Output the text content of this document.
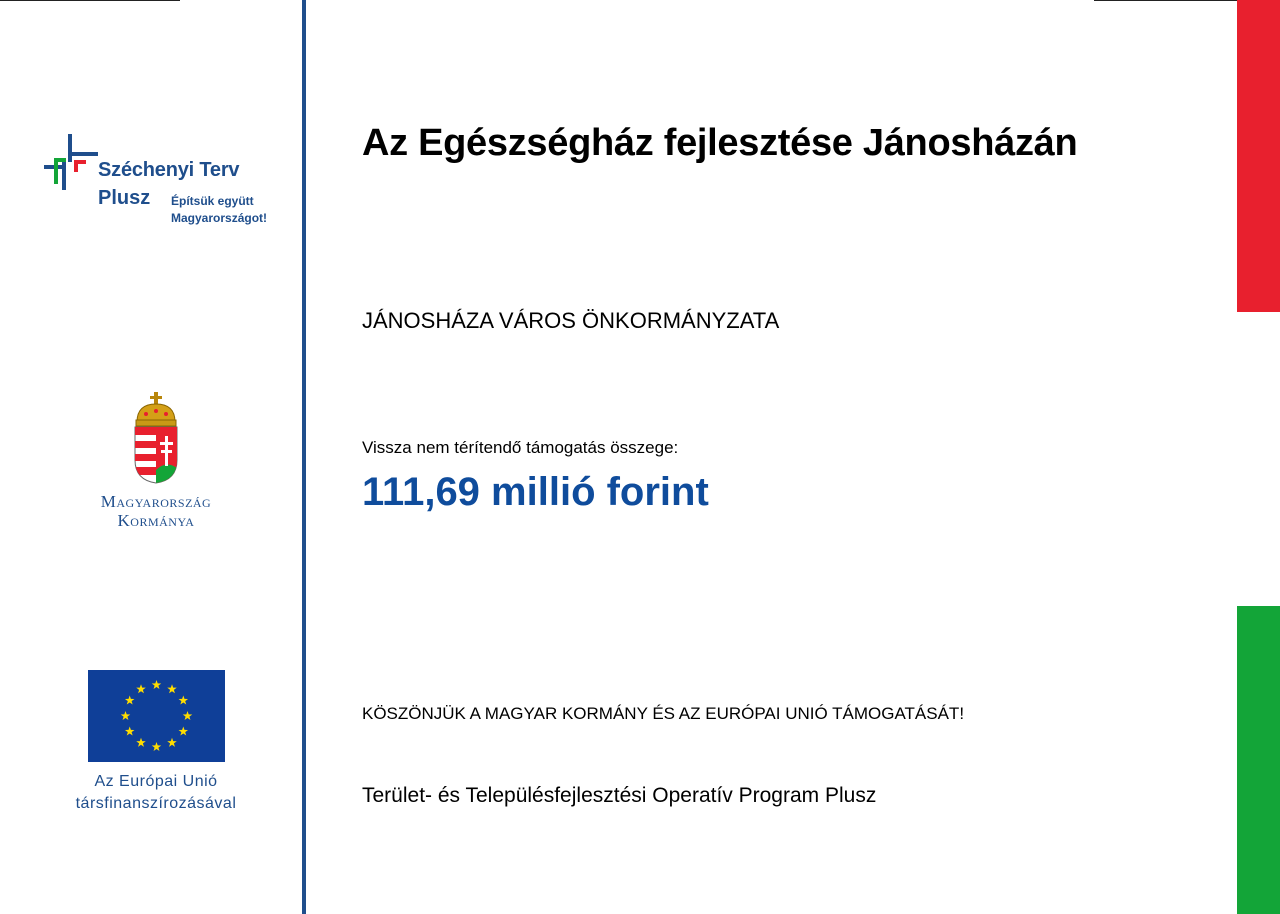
Széchenyi Terv
Plusz Építsük együtt
Magyarországot!
Magyarország
Kormánya
Az Európai Unió
társfinanszírozásával
Az Egészségház fejlesztése Jánosházán
JÁNOSHÁZA VÁROS ÖNKORMÁNYZATA
Vissza nem térítendő támogatás összege:
111,69 millió forint
KÖSZÖNJÜK A MAGYAR KORMÁNY ÉS AZ EURÓPAI UNIÓ TÁMOGATÁSÁT!
Terület- és Településfejlesztési Operatív Program Plusz
